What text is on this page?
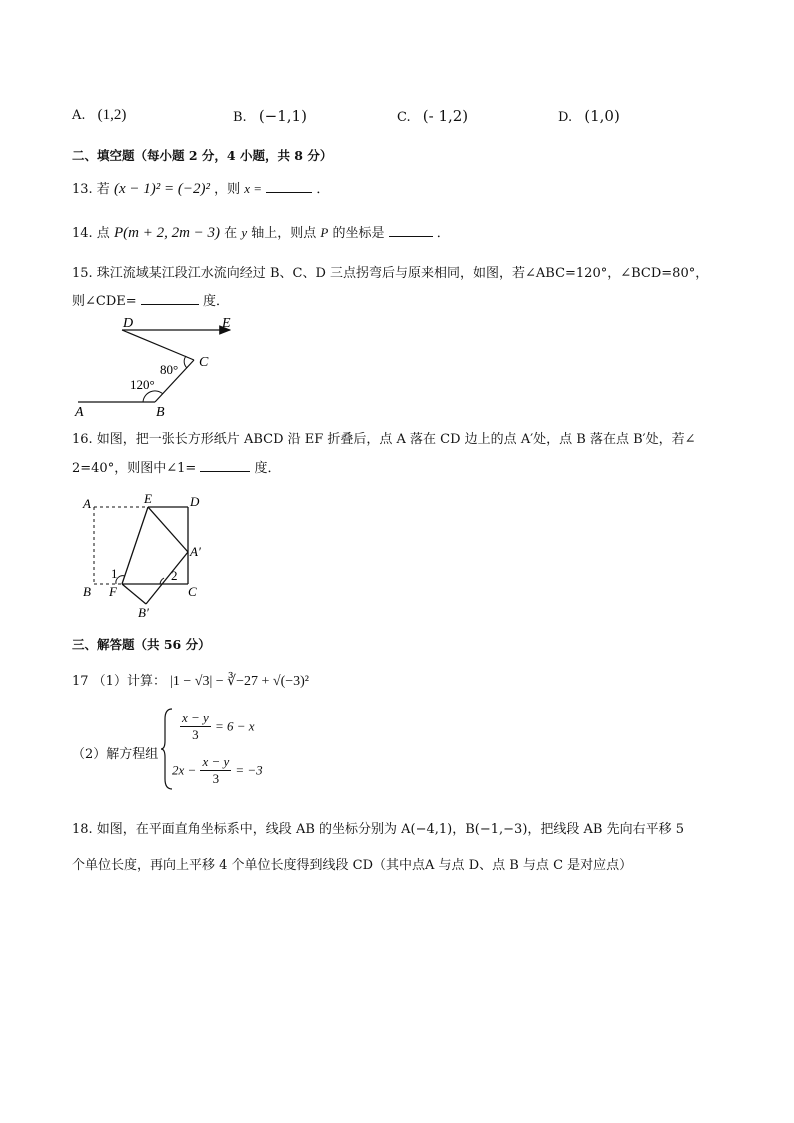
A. (1,2)	B. (−1,1)	C. (- 1,2)	D. (1,0)
二、填空题（每小题 2 分，4 小题，共 8 分）
13. 若 (x − 1)² = (−2)² ，则 x =	．
14. 点 P(m + 2, 2m − 3) 在 y 轴上，则点 P 的坐标是	．
15. 珠江流域某江段江水流向经过 B、C、D 三点拐弯后与原来相同，如图，若∠ABC=120°，∠BCD=80°，
则∠CDE=	度．
D	E
C
80°
120°
A	B
16. 如图，把一张长方形纸片 ABCD 沿 EF 折叠后，点 A 落在 CD 边上的点 A′处，点 B 落在点 B′处，若∠
2=40°，则图中∠1=	度．
A	E	D
A′
1	2
B F	C
B′
三、解答题（共 56 分）
17 （1）计算： |1 − √3| − ∛−27 + √(−3)²
（2）解方程组
$\frac{x - y}{3} = 6 - x$
$2x - \frac{x - y}{3} = -3$
18. 如图，在平面直角坐标系中，线段 AB 的坐标分别为 A(−4,1)，B(−1,−3)，把线段 AB 先向右平移 5
个单位长度，再向上平移 4 个单位长度得到线段 CD（其中点A 与点 D、点 B 与点 C 是对应点）
